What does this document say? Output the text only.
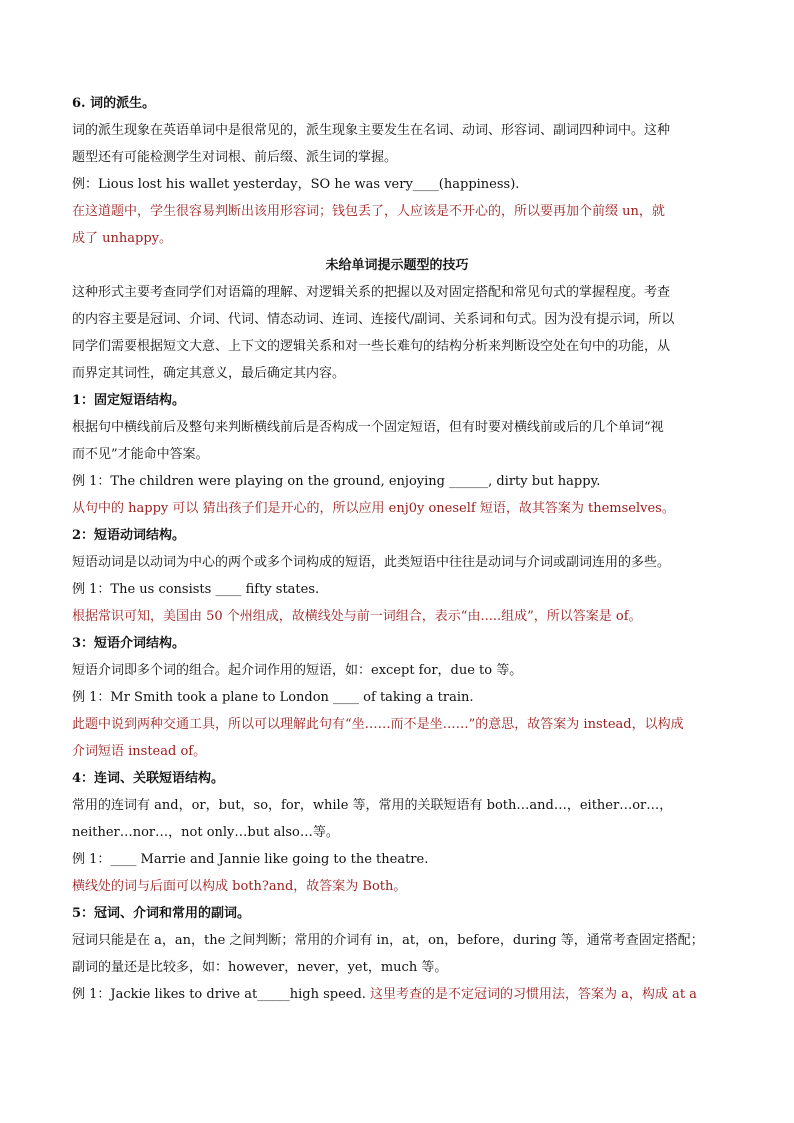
6. 词的派生。
词的派生现象在英语单词中是很常见的，派生现象主要发生在名词、动词、形容词、副词四种词中。这种
题型还有可能检测学生对词根、前后缀、派生词的掌握。
例：Lious lost his wallet yesterday，SO he was very____(happiness).
在这道题中，学生很容易判断出该用形容词；钱包丢了，人应该是不开心的，所以要再加个前缀 un，就
成了 unhappy。
未给单词提示题型的技巧
这种形式主要考查同学们对语篇的理解、对逻辑关系的把握以及对固定搭配和常见句式的掌握程度。考查
的内容主要是冠词、介词、代词、情态动词、连词、连接代/副词、关系词和句式。因为没有提示词，所以
同学们需要根据短文大意、上下文的逻辑关系和对一些长难句的结构分析来判断设空处在句中的功能，从
而界定其词性，确定其意义，最后确定其内容。
1：固定短语结构。
根据句中横线前后及整句来判断横线前后是否构成一个固定短语，但有时要对横线前或后的几个单词“视
而不见”才能命中答案。
例 1：The children were playing on the ground, enjoying ______, dirty but happy.
从句中的 happy 可以 猜出孩子们是开心的，所以应用 enj0y oneself 短语，故其答案为 themselves。
2：短语动词结构。
短语动词是以动词为中心的两个或多个词构成的短语，此类短语中往往是动词与介词或副词连用的多些。
例 1：The us consists ____ fifty states.
根据常识可知，美国由 50 个州组成，故横线处与前一词组合，表示“由.....组成”，所以答案是 of。
3：短语介词结构。
短语介词即多个词的组合。起介词作用的短语，如：except for，due to 等。
例 1：Mr Smith took a plane to London ____ of taking a train.
此题中说到两种交通工具，所以可以理解此句有“坐……而不是坐……”的意思，故答案为 instead，以构成
介词短语 instead of。
4：连词、关联短语结构。
常用的连词有 and，or，but，so，for，while 等，常用的关联短语有 both…and…，either…or…，
neither…nor…，not only…but also…等。
例 1：____ Marrie and Jannie like going to the theatre.
横线处的词与后面可以构成 both?and，故答案为 Both。
5：冠词、介词和常用的副词。
冠词只能是在 a，an，the 之间判断；常用的介词有 in，at，on，before，during 等，通常考查固定搭配；
副词的量还是比较多，如：however，never，yet，much 等。
例 1：Jackie likes to drive at_____high speed. 这里考查的是不定冠词的习惯用法，答案为 a，构成 at a
